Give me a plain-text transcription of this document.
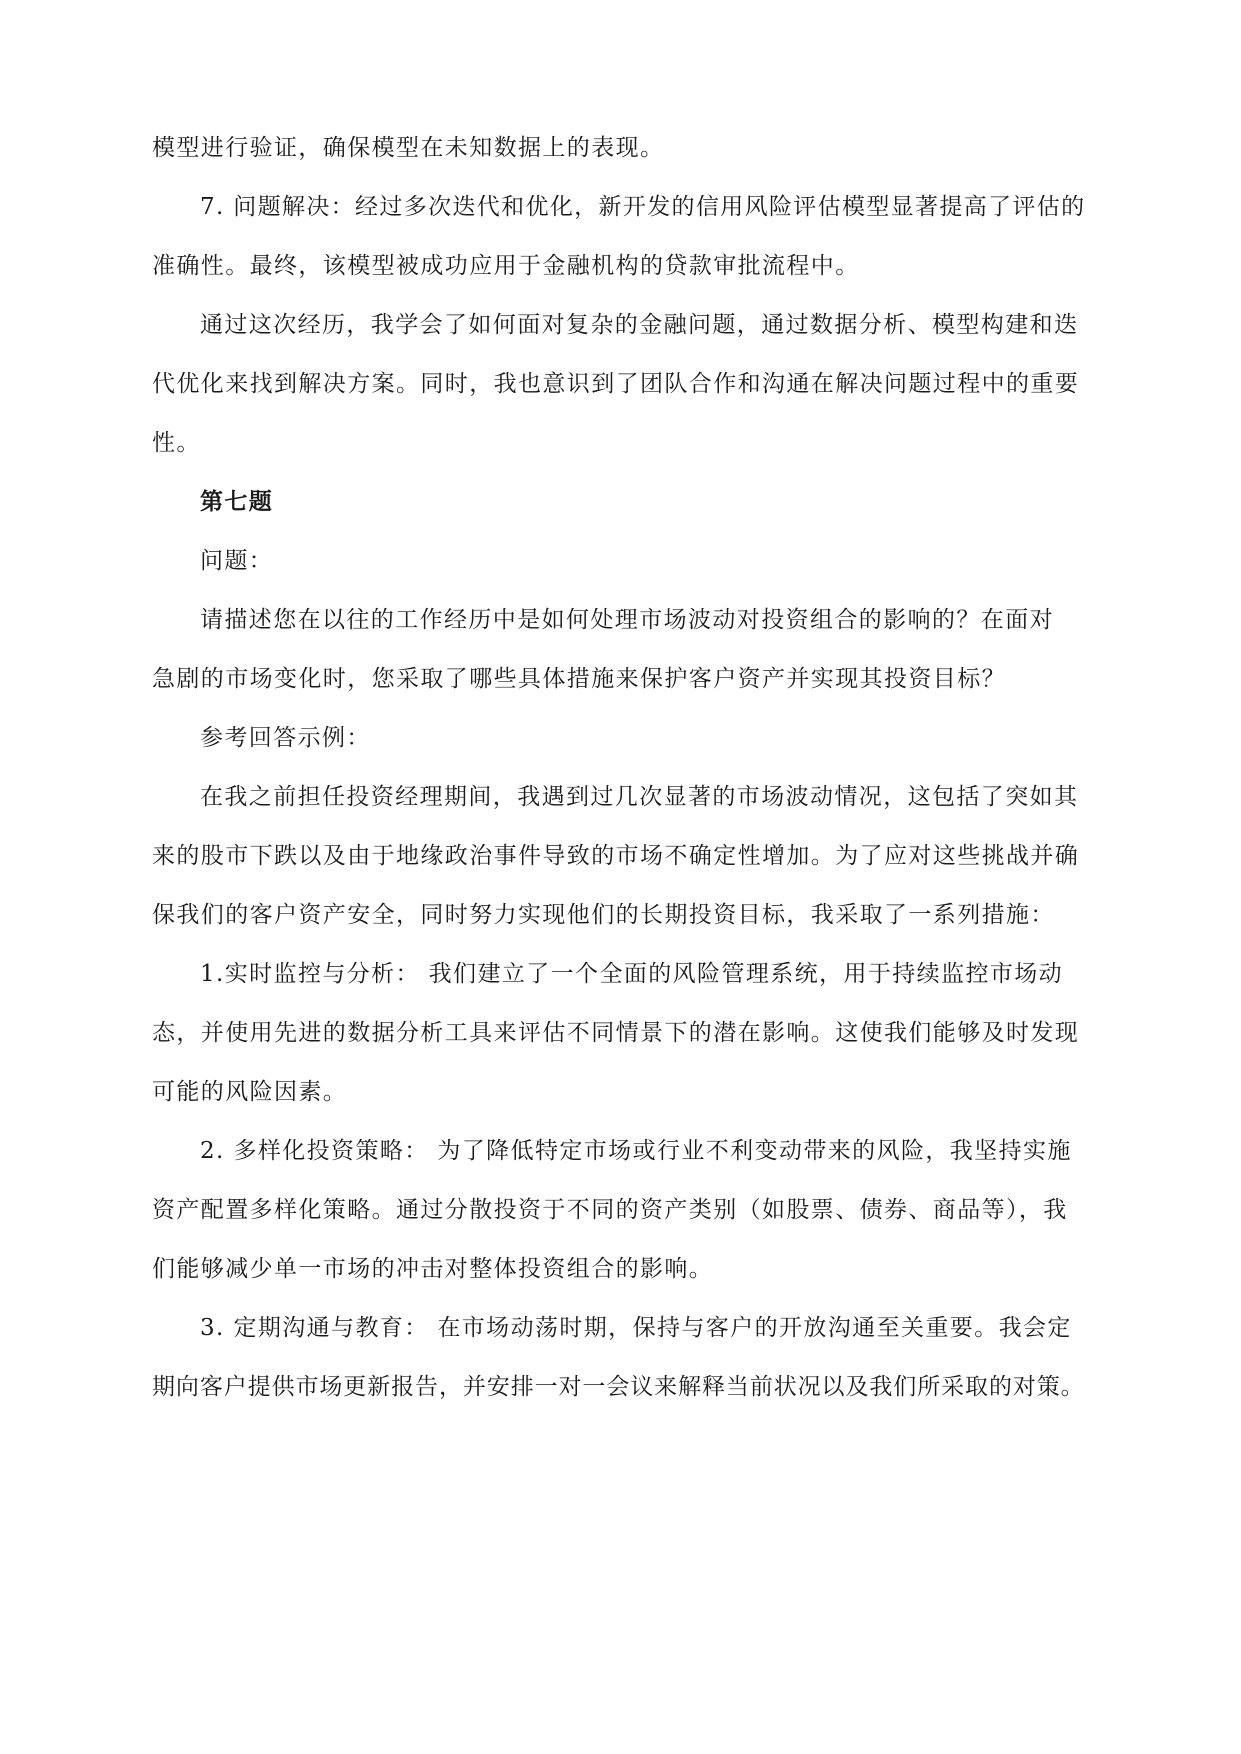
模型进行验证，确保模型在未知数据上的表现。
7. 问题解决：经过多次迭代和优化，新开发的信用风险评估模型显著提高了评估的
准确性。最终，该模型被成功应用于金融机构的贷款审批流程中。
通过这次经历，我学会了如何面对复杂的金融问题，通过数据分析、模型构建和迭
代优化来找到解决方案。同时，我也意识到了团队合作和沟通在解决问题过程中的重要
性。
第七题
问题：
请描述您在以往的工作经历中是如何处理市场波动对投资组合的影响的？在面对
急剧的市场变化时，您采取了哪些具体措施来保护客户资产并实现其投资目标？
参考回答示例：
在我之前担任投资经理期间，我遇到过几次显著的市场波动情况，这包括了突如其
来的股市下跌以及由于地缘政治事件导致的市场不确定性增加。为了应对这些挑战并确
保我们的客户资产安全，同时努力实现他们的长期投资目标，我采取了一系列措施：
1.实时监控与分析： 我们建立了一个全面的风险管理系统，用于持续监控市场动
态，并使用先进的数据分析工具来评估不同情景下的潜在影响。这使我们能够及时发现
可能的风险因素。
2. 多样化投资策略： 为了降低特定市场或行业不利变动带来的风险，我坚持实施
资产配置多样化策略。通过分散投资于不同的资产类别（如股票、债券、商品等），我
们能够减少单一市场的冲击对整体投资组合的影响。
3. 定期沟通与教育： 在市场动荡时期，保持与客户的开放沟通至关重要。我会定
期向客户提供市场更新报告，并安排一对一会议来解释当前状况以及我们所采取的对策。
